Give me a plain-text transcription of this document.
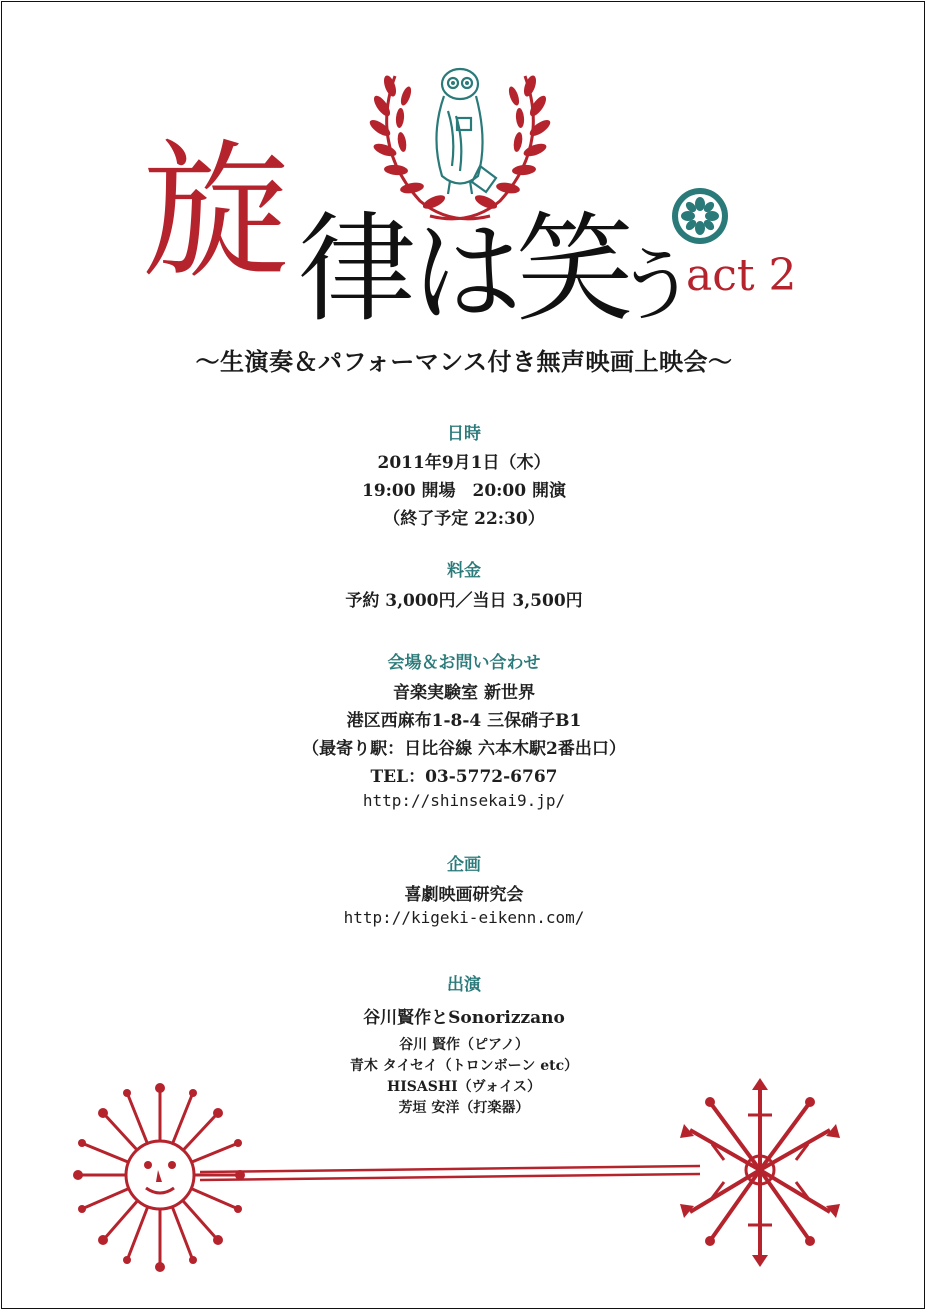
旋 律
は
笑
う
act 2
〜生演奏＆パフォーマンス付き無声映画上映会〜
日時
2011年9月1日（木）
19:00 開場　20:00 開演
（終了予定 22:30）
料金
予約 3,000円／当日 3,500円
会場＆お問い合わせ
音楽実験室 新世界
港区西麻布1-8-4 三保硝子B1
（最寄り駅：日比谷線 六本木駅2番出口）
TEL：03-5772-6767
http://shinsekai9.jp/
企画
喜劇映画研究会
http://kigeki-eikenn.com/
出演
谷川賢作とSonorizzano
谷川 賢作（ピアノ）
青木 タイセイ（トロンボーン etc）
HISASHI（ヴォイス）
芳垣 安洋（打楽器）
